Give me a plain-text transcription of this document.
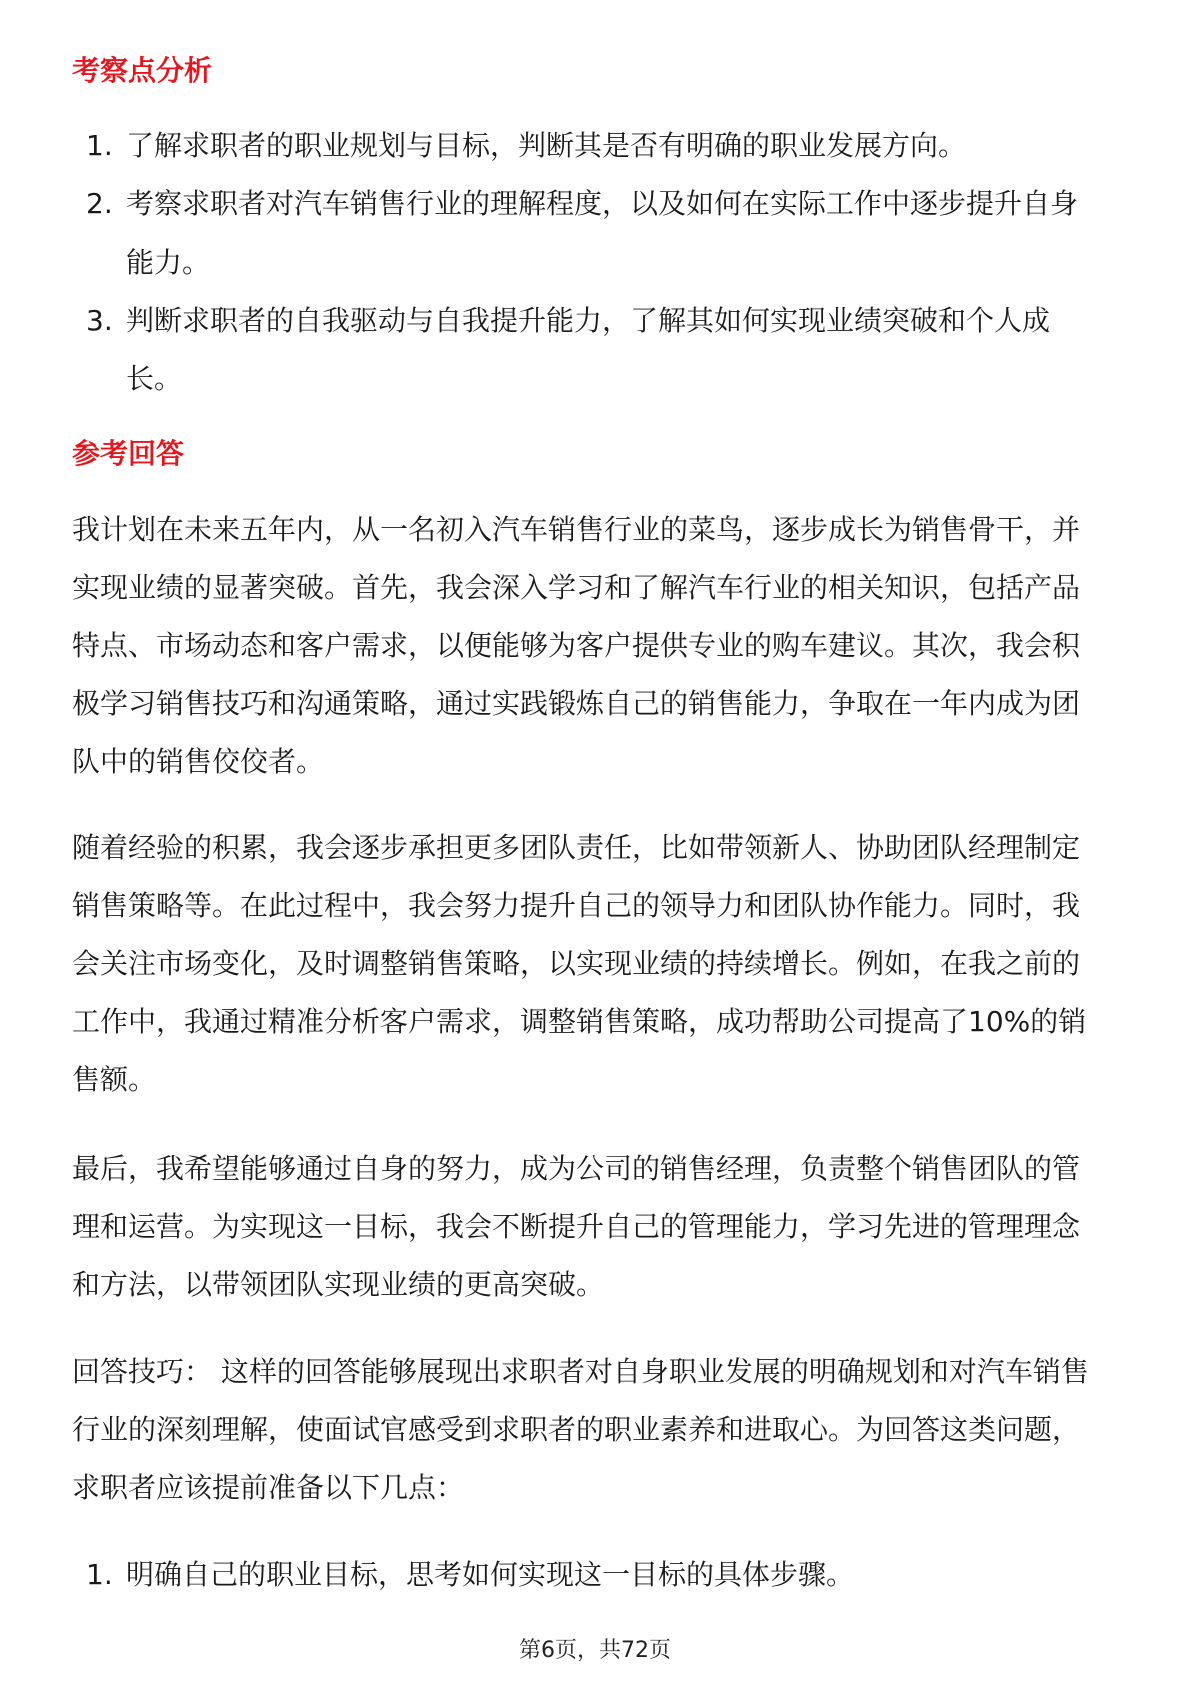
考察点分析
1. 了解求职者的职业规划与目标，判断其是否有明确的职业发展方向。
2. 考察求职者对汽车销售行业的理解程度，以及如何在实际工作中逐步提升自身
能力。
3. 判断求职者的自我驱动与自我提升能力，了解其如何实现业绩突破和个人成
长。
参考回答
我计划在未来五年内，从一名初入汽车销售行业的菜鸟，逐步成长为销售骨干，并
实现业绩的显著突破。首先，我会深入学习和了解汽车行业的相关知识，包括产品
特点、市场动态和客户需求，以便能够为客户提供专业的购车建议。其次，我会积
极学习销售技巧和沟通策略，通过实践锻炼自己的销售能力，争取在一年内成为团
队中的销售佼佼者。
随着经验的积累，我会逐步承担更多团队责任，比如带领新人、协助团队经理制定
销售策略等。在此过程中，我会努力提升自己的领导力和团队协作能力。同时，我
会关注市场变化，及时调整销售策略，以实现业绩的持续增长。例如，在我之前的
工作中，我通过精准分析客户需求，调整销售策略，成功帮助公司提高了10%的销
售额。
最后，我希望能够通过自身的努力，成为公司的销售经理，负责整个销售团队的管
理和运营。为实现这一目标，我会不断提升自己的管理能力，学习先进的管理理念
和方法，以带领团队实现业绩的更高突破。
回答技巧： 这样的回答能够展现出求职者对自身职业发展的明确规划和对汽车销售
行业的深刻理解，使面试官感受到求职者的职业素养和进取心。为回答这类问题，
求职者应该提前准备以下几点：
1. 明确自己的职业目标，思考如何实现这一目标的具体步骤。
第6页，共72页
